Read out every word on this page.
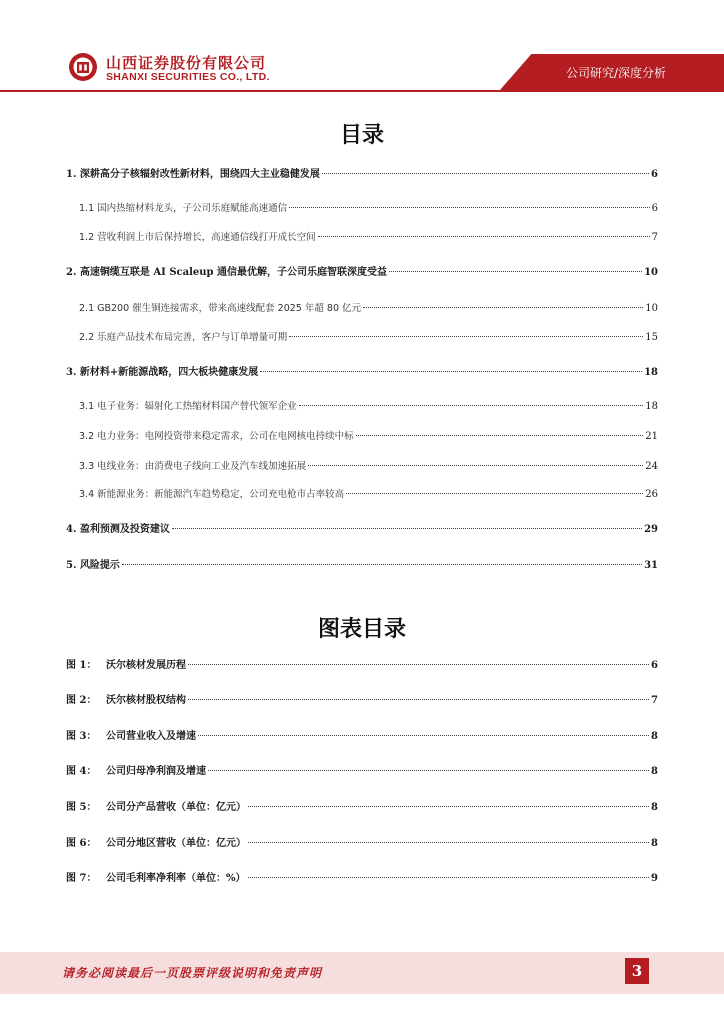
山西证券股份有限公司
SHANXI SECURITIES CO., LTD.	公司研究/深度分析
目录
1. 深耕高分子核辐射改性新材料，围绕四大主业稳健发展	6
1.1 国内热缩材料龙头，子公司乐庭赋能高速通信	6
1.2 营收利润上市后保持增长，高速通信线打开成长空间	7
2. 高速铜缆互联是 AI Scaleup 通信最优解，子公司乐庭智联深度受益	10
2.1 GB200 催生铜连接需求，带来高速线配套 2025 年超 80 亿元	10
2.2 乐庭产品技术布局完善，客户与订单增量可期	15
3. 新材料+新能源战略，四大板块健康发展	18
3.1 电子业务：辐射化工热缩材料国产替代领军企业	18
3.2 电力业务：电网投资带来稳定需求，公司在电网核电持续中标	21
3.3 电线业务：由消费电子线向工业及汽车线加速拓展	24
3.4 新能源业务：新能源汽车趋势稳定，公司充电枪市占率较高	26
4. 盈利预测及投资建议	29
5. 风险提示	31
图表目录
图 1： 沃尔核材发展历程	6
图 2： 沃尔核材股权结构	7
图 3： 公司营业收入及增速	8
图 4： 公司归母净利润及增速	8
图 5： 公司分产品营收（单位：亿元）	8
图 6： 公司分地区营收（单位：亿元）	8
图 7： 公司毛利率净利率（单位：%）	9
请务必阅读最后一页股票评级说明和免责声明	3
